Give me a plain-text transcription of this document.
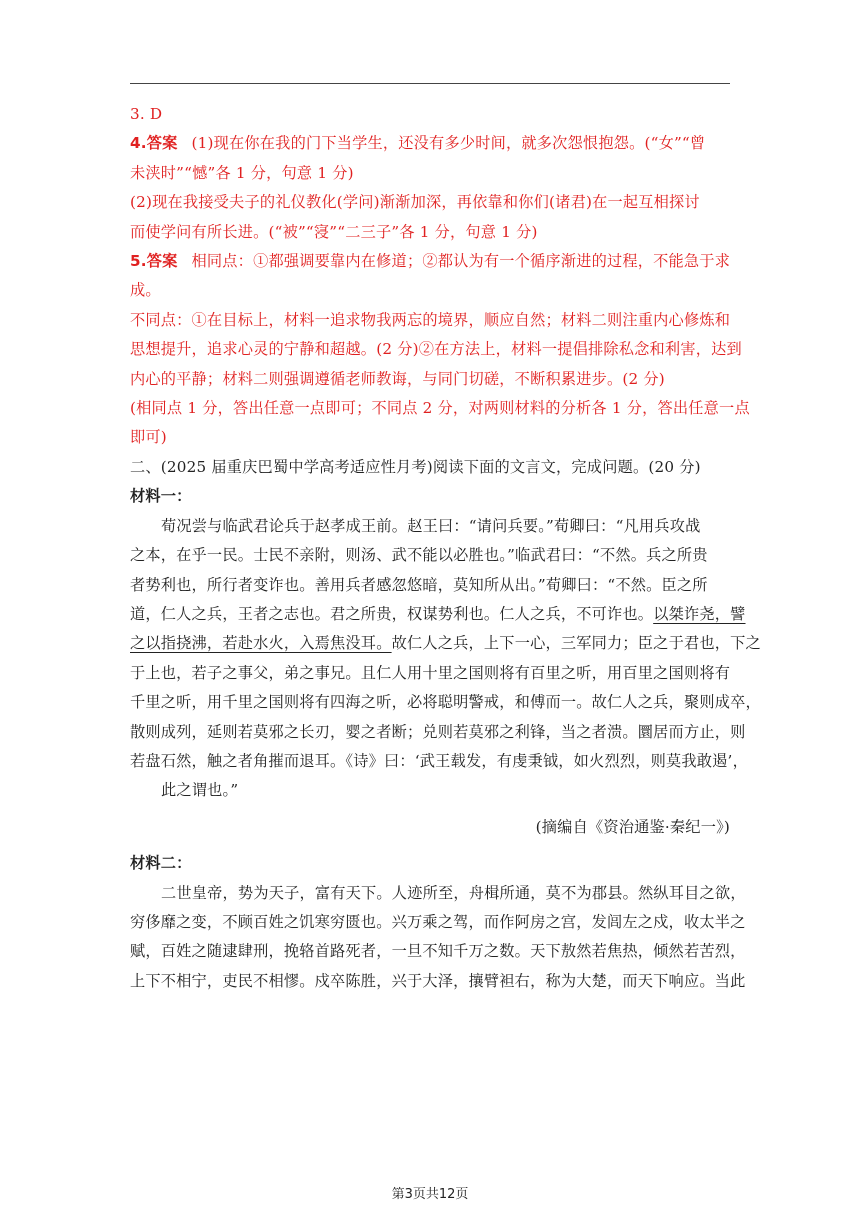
3. D
4.答案 (1)现在你在我的门下当学生，还没有多少时间，就多次怨恨抱怨。(“女”“曾
未浃时”“憾”各 1 分，句意 1 分)
(2)现在我接受夫子的礼仪教化(学问)渐渐加深，再依靠和你们(诸君)在一起互相探讨
而使学问有所长进。(“被”“寖”“二三子”各 1 分，句意 1 分)
5.答案 相同点：①都强调要靠内在修道；②都认为有一个循序渐进的过程，不能急于求
成。
不同点：①在目标上，材料一追求物我两忘的境界，顺应自然；材料二则注重内心修炼和
思想提升，追求心灵的宁静和超越。(2 分)②在方法上，材料一提倡排除私念和利害，达到
内心的平静；材料二则强调遵循老师教诲，与同门切磋，不断积累进步。(2 分)
(相同点 1 分，答出任意一点即可；不同点 2 分，对两则材料的分析各 1 分，答出任意一点
即可)
二、(2025 届重庆巴蜀中学高考适应性月考)阅读下面的文言文，完成问题。(20 分)
材料一：
荀况尝与临武君论兵于赵孝成王前。赵王曰：“请问兵要。”荀卿曰：“凡用兵攻战
之本，在乎一民。士民不亲附，则汤、武不能以必胜也。”临武君曰：“不然。兵之所贵
者势利也，所行者变诈也。善用兵者感忽悠暗，莫知所从出。”荀卿曰：“不然。臣之所
道，仁人之兵，王者之志也。君之所贵，权谋势利也。仁人之兵，不可诈也。以桀诈尧，譬
之以指挠沸，若赴水火，入焉焦没耳。故仁人之兵，上下一心，三军同力；臣之于君也，下之
于上也，若子之事父，弟之事兄。且仁人用十里之国则将有百里之听，用百里之国则将有
千里之听，用千里之国则将有四海之听，必将聪明警戒，和傅而一。故仁人之兵，聚则成卒，
散则成列，延则若莫邪之长刃，婴之者断；兑则若莫邪之利锋，当之者溃。圜居而方止，则
若盘石然，触之者角摧而退耳。《诗》曰：‘武王载发，有虔秉钺，如火烈烈，则莫我敢遏’，
此之谓也。”
(摘编自《资治通鉴·秦纪一》)
材料二：
二世皇帝，势为天子，富有天下。人迹所至，舟楫所通，莫不为郡县。然纵耳目之欲，
穷侈靡之变，不顾百姓之饥寒穷匮也。兴万乘之驾，而作阿房之宫，发闾左之戍，收太半之
赋，百姓之随逮肆刑，挽辂首路死者，一旦不知千万之数。天下敖然若焦热，倾然若苦烈，
上下不相宁，吏民不相憀。戍卒陈胜，兴于大泽，攘臂袒右，称为大楚，而天下响应。当此
第3页共12页
